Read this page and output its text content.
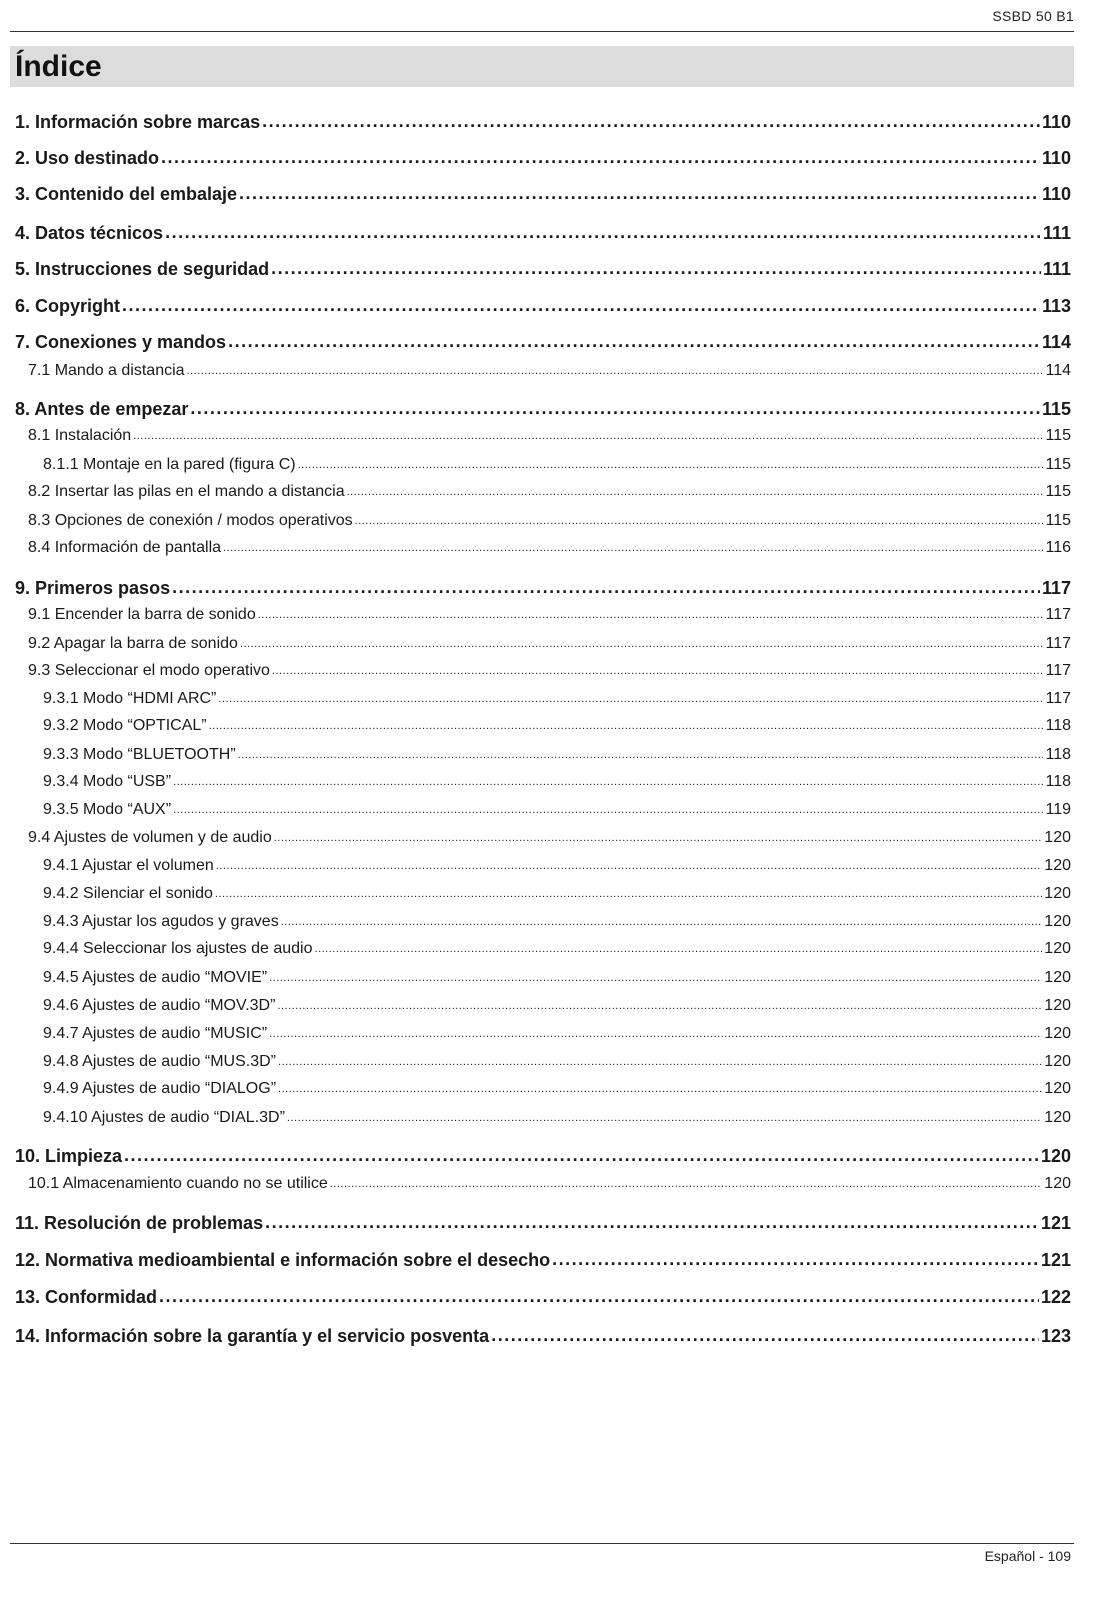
SSBD 50 B1
Índice
1. Información sobre marcas .....	110
2. Uso destinado .....	110
3. Contenido del embalaje .....	110
4. Datos técnicos .....	111
5. Instrucciones de seguridad .....	111
6. Copyright .....	113
7. Conexiones y mandos .....	114
7.1 Mando a distancia .....	114
8. Antes de empezar .....	115
8.1 Instalación .....	115
8.1.1 Montaje en la pared (figura C) .....	115
8.2 Insertar las pilas en el mando a distancia .....	115
8.3 Opciones de conexión / modos operativos .....	115
8.4 Información de pantalla .....	116
9. Primeros pasos .....	117
9.1 Encender la barra de sonido .....	117
9.2 Apagar la barra de sonido .....	117
9.3 Seleccionar el modo operativo .....	117
9.3.1 Modo “HDMI ARC” .....	117
9.3.2 Modo “OPTICAL” .....	118
9.3.3 Modo “BLUETOOTH” .....	118
9.3.4 Modo “USB” .....	118
9.3.5 Modo “AUX” .....	119
9.4 Ajustes de volumen y de audio .....	120
9.4.1 Ajustar el volumen .....	120
9.4.2 Silenciar el sonido .....	120
9.4.3 Ajustar los agudos y graves .....	120
9.4.4 Seleccionar los ajustes de audio .....	120
9.4.5 Ajustes de audio “MOVIE” .....	120
9.4.6 Ajustes de audio “MOV.3D” .....	120
9.4.7 Ajustes de audio “MUSIC” .....	120
9.4.8 Ajustes de audio “MUS.3D” .....	120
9.4.9 Ajustes de audio “DIALOG” .....	120
9.4.10 Ajustes de audio “DIAL.3D” .....	120
10. Limpieza .....	120
10.1 Almacenamiento cuando no se utilice .....	120
11. Resolución de problemas .....	121
12. Normativa medioambiental e información sobre el desecho .....	121
13. Conformidad .....	122
14. Información sobre la garantía y el servicio posventa .....	123
Español - 109
